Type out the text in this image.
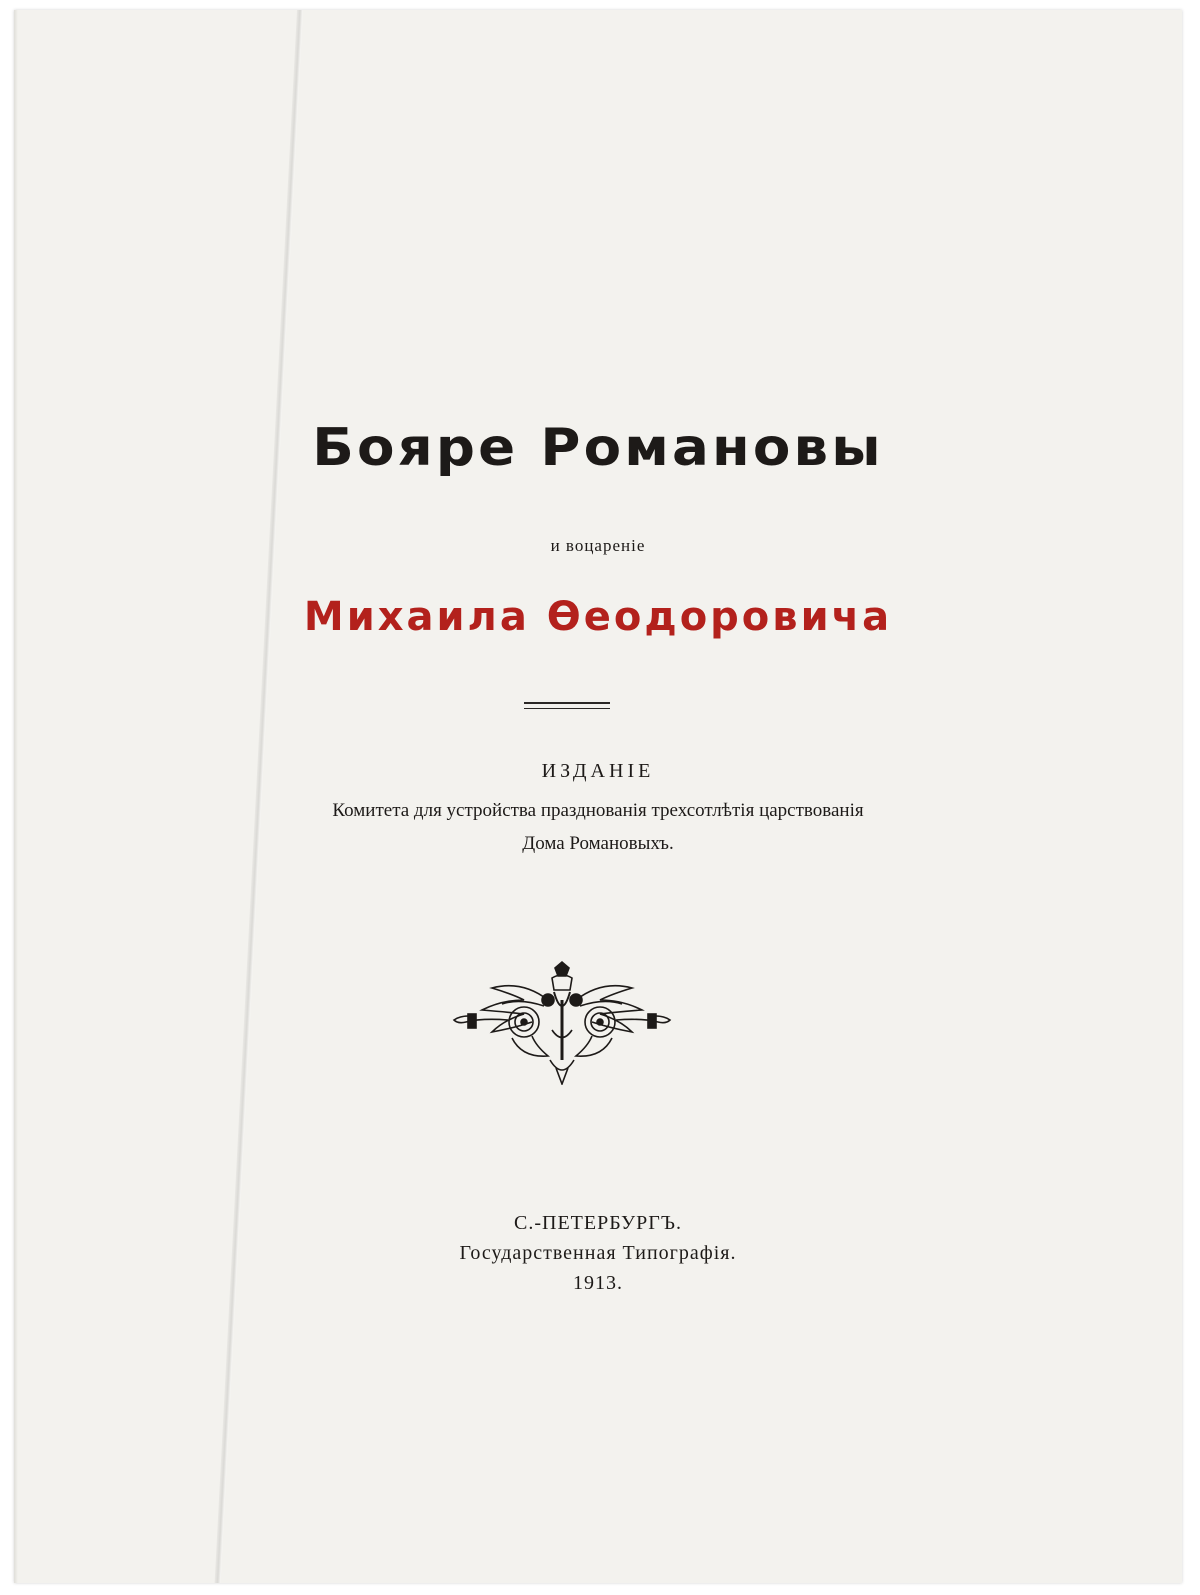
Бояре Романовы
и воцареніе
Михаила Өеодоровича
ИЗДАНІЕ
Комитета для устройства празднованія трехсотлѣтія царствованія
Дома Романовыхъ.
С.-ПЕТЕРБУРГЪ.
Государственная Типографія.
1913.
